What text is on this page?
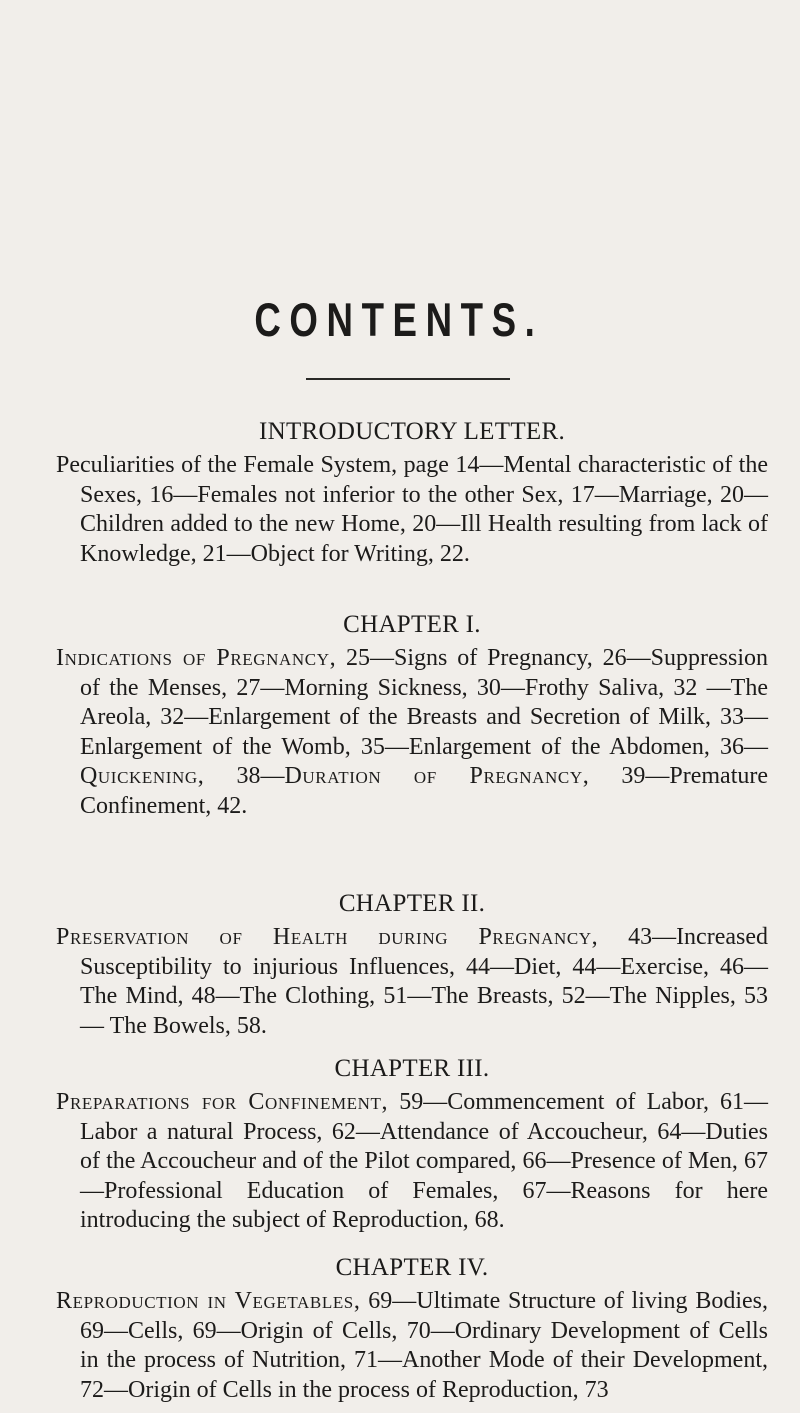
CONTENTS.
INTRODUCTORY LETTER.

Peculiarities of the Female System, page 14—Mental characteristic of the Sexes, 16—Females not inferior to the other Sex, 17—Marriage, 20—Children added to the new Home, 20—Ill Health resulting from lack of Knowledge, 21—Object for Writing, 22.

CHAPTER I.

Indications of Pregnancy, 25—Signs of Pregnancy, 26—Suppression of the Menses, 27—Morning Sickness, 30—Frothy Saliva, 32 —The Areola, 32—Enlargement of the Breasts and Secretion of Milk, 33—Enlargement of the Womb, 35—Enlargement of the Abdomen, 36—Quickening, 38—Duration of Pregnancy, 39—Premature Confinement, 42.

CHAPTER II.

Preservation of Health during Pregnancy, 43—Increased Susceptibility to injurious Influences, 44—Diet, 44—Exercise, 46—The Mind, 48—The Clothing, 51—The Breasts, 52—The Nipples, 53— The Bowels, 58.

CHAPTER III.

Preparations for Confinement, 59—Commencement of Labor, 61— Labor a natural Process, 62—Attendance of Accoucheur, 64—Duties of the Accoucheur and of the Pilot compared, 66—Presence of Men, 67—Professional Education of Females, 67—Reasons for here introducing the subject of Reproduction, 68.

CHAPTER IV.

Reproduction in Vegetables, 69—Ultimate Structure of living Bodies, 69—Cells, 69—Origin of Cells, 70—Ordinary Development of Cells in the process of Nutrition, 71—Another Mode of their Development, 72—Origin of Cells in the process of Reproduction, 73
